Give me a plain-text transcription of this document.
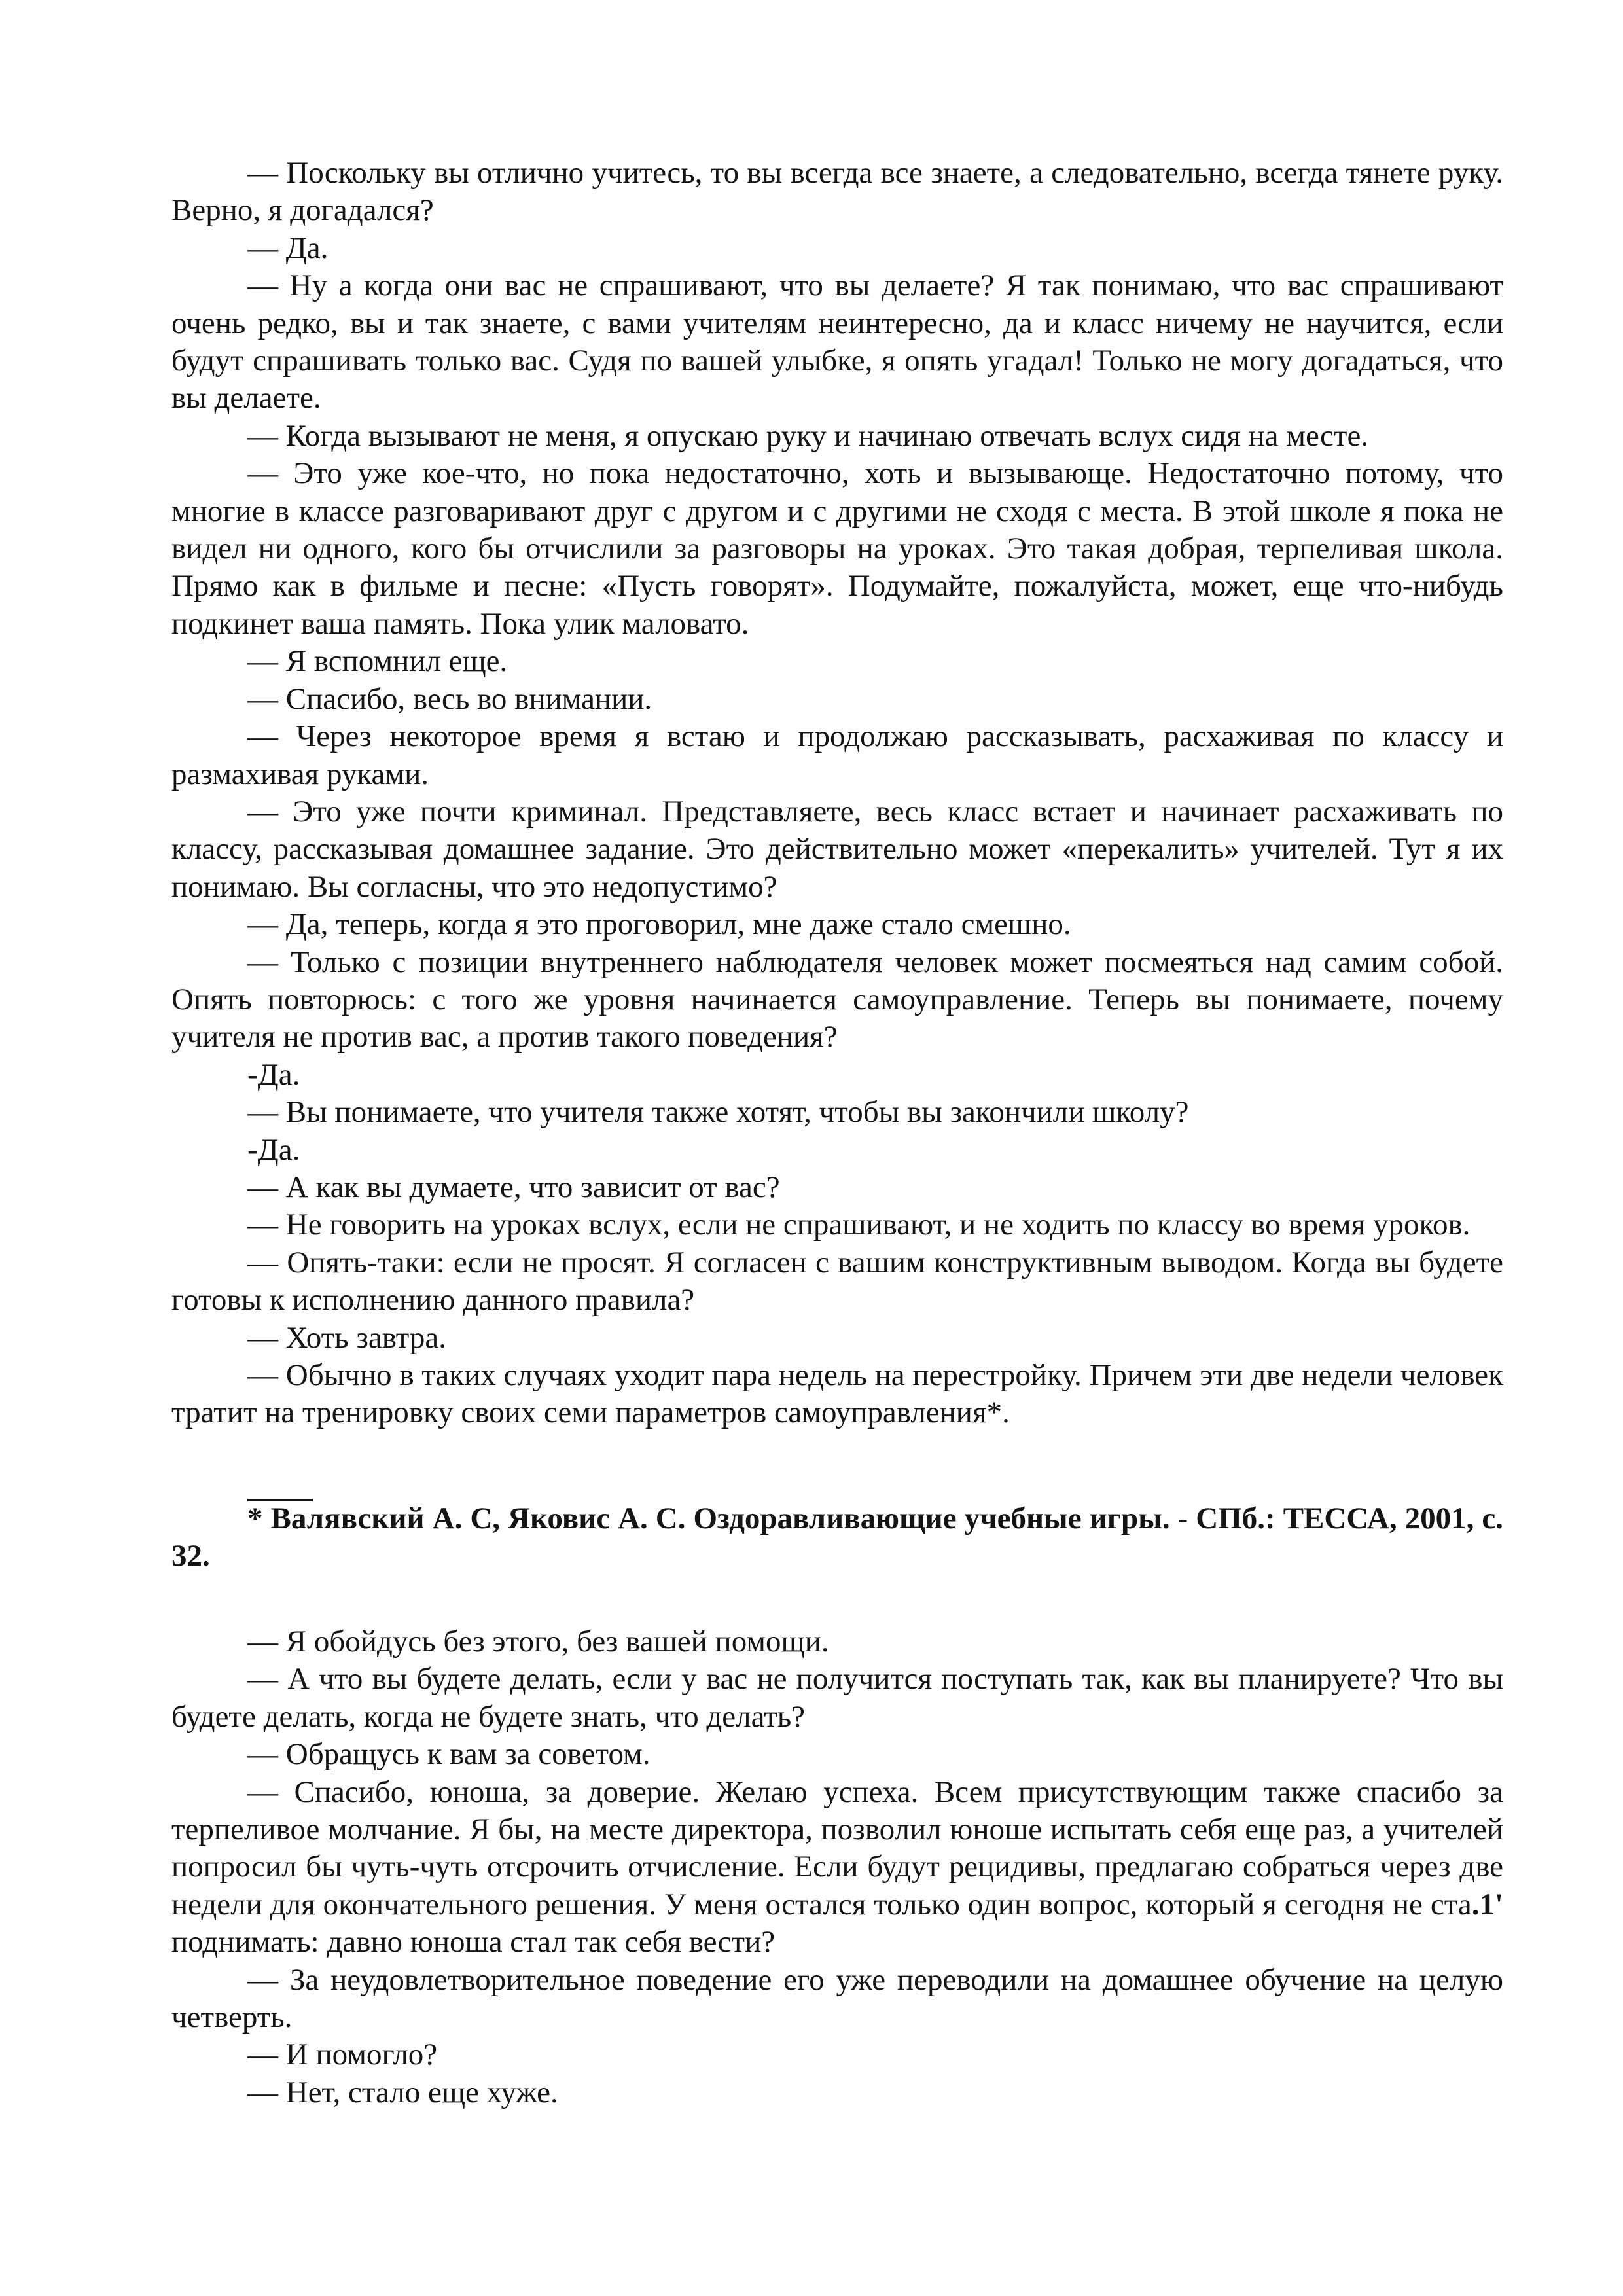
— Поскольку вы отлично учитесь, то вы всегда все знаете, а следовательно, всегда тянете руку. Верно, я догадался?

— Да.

— Ну а когда они вас не спрашивают, что вы делаете? Я так понимаю, что вас спрашивают очень редко, вы и так знаете, с вами учителям неинтересно, да и класс ничему не научится, если будут спрашивать только вас. Судя по вашей улыбке, я опять угадал! Только не могу догадаться, что вы делаете.

— Когда вызывают не меня, я опускаю руку и начинаю отвечать вслух сидя на месте.

— Это уже кое-что, но пока недостаточно, хоть и вызывающе. Недостаточно потому, что многие в классе разговаривают друг с другом и с другими не сходя с места. В этой школе я пока не видел ни одного, кого бы отчислили за разговоры на уроках. Это такая добрая, терпеливая школа. Прямо как в фильме и песне: «Пусть говорят». Подумайте, пожалуйста, может, еще что-нибудь подкинет ваша память. Пока улик маловато.

— Я вспомнил еще.

— Спасибо, весь во внимании.

— Через некоторое время я встаю и продолжаю рассказывать, расхаживая по классу и размахивая руками.

— Это уже почти криминал. Представляете, весь класс встает и начинает расхаживать по классу, рассказывая домашнее задание. Это действительно может «перекалить» учителей. Тут я их понимаю. Вы согласны, что это недопустимо?

— Да, теперь, когда я это проговорил, мне даже стало смешно.

— Только с позиции внутреннего наблюдателя человек может посмеяться над самим собой. Опять повторюсь: с того же уровня начинается самоуправление. Теперь вы понимаете, почему учителя не против вас, а против такого поведения?

-Да.

— Вы понимаете, что учителя также хотят, чтобы вы закончили школу?

-Да.

— А как вы думаете, что зависит от вас?

— Не говорить на уроках вслух, если не спрашивают, и не ходить по классу во время уроков.

— Опять-таки: если не просят. Я согласен с вашим конструктивным выводом. Когда вы будете готовы к исполнению данного правила?

— Хоть завтра.

— Обычно в таких случаях уходит пара недель на перестройку. Причем эти две недели человек тратит на тренировку своих семи параметров самоуправления*.

* Валявский А. С, Яковис А. С. Оздоравливающие учебные игры. - СПб.: ТЕССА, 2001, с. 32.

— Я обойдусь без этого, без вашей помощи.

— А что вы будете делать, если у вас не получится поступать так, как вы планируете? Что вы будете делать, когда не будете знать, что делать?

— Обращусь к вам за советом.

— Спасибо, юноша, за доверие. Желаю успеха. Всем присутствующим также спасибо за терпеливое молчание. Я бы, на месте директора, позволил юноше испытать себя еще раз, а учителей попросил бы чуть-чуть отсрочить отчисление. Если будут рецидивы, предлагаю собраться через две недели для окончательного решения. У меня остался только один вопрос, который я сегодня не ста.1' поднимать: давно юноша стал так себя вести?

— За неудовлетворительное поведение его уже переводили на домашнее обучение на целую четверть.

— И помогло?

— Нет, стало еще хуже.
